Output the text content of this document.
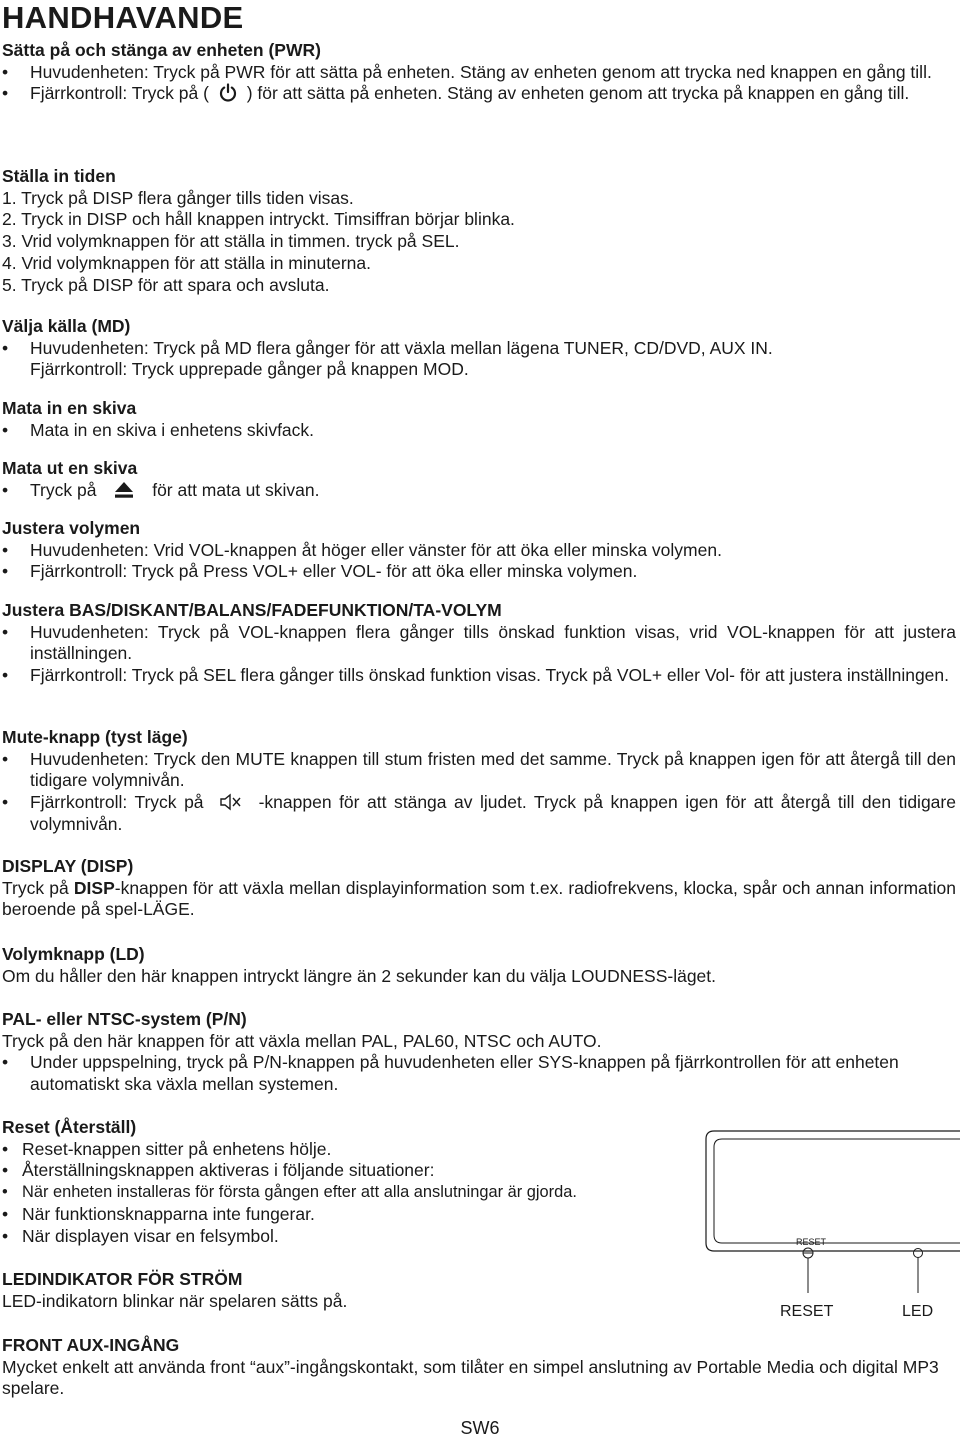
HANDHAVANDE
Sätta på och stänga av enheten (PWR)
• Huvudenheten: Tryck på PWR för att sätta på enheten. Stäng av enheten genom att trycka ned knappen en gång till.
• Fjärrkontroll: Tryck på ( ) för att sätta på enheten. Stäng av enheten genom att trycka på knappen en gång till.
Ställa in tiden
1. Tryck på DISP flera gånger tills tiden visas.
2. Tryck in DISP och håll knappen intryckt. Timsiffran börjar blinka.
3. Vrid volymknappen för att ställa in timmen. tryck på SEL.
4. Vrid volymknappen för att ställa in minuterna.
5. Tryck på DISP för att spara och avsluta.
Välja källa (MD)
• Huvudenheten: Tryck på MD flera gånger för att växla mellan lägena TUNER, CD/DVD, AUX IN.
Fjärrkontroll: Tryck upprepade gånger på knappen MOD.
Mata in en skiva
• Mata in en skiva i enhetens skivfack.
Mata ut en skiva
• Tryck på	för att mata ut skivan.
Justera volymen
• Huvudenheten: Vrid VOL-knappen åt höger eller vänster för att öka eller minska volymen.
• Fjärrkontroll: Tryck på Press VOL+ eller VOL- för att öka eller minska volymen.
Justera BAS/DISKANT/BALANS/FADEFUNKTION/TA-VOLYM
• Huvudenheten: Tryck på VOL-knappen flera gånger tills önskad funktion visas, vrid VOL-knappen för att justera inställningen.
• Fjärrkontroll: Tryck på SEL flera gånger tills önskad funktion visas. Tryck på VOL+ eller Vol- för att justera inställningen.
Mute-knapp (tyst läge)
• Huvudenheten: Tryck den MUTE knappen till stum fristen med det samme. Tryck på knappen igen för att återgå till den tidigare volymnivån.
• Fjärrkontroll: Tryck på	-knappen för att stänga av ljudet. Tryck på knappen igen för att återgå till den tidigare volymnivån.
DISPLAY (DISP)
Tryck på DISP-knappen för att växla mellan displayinformation som t.ex. radiofrekvens, klocka, spår och annan information beroende på spel-LÄGE.
Volymknapp (LD)
Om du håller den här knappen intryckt längre än 2 sekunder kan du välja LOUDNESS-läget.
PAL- eller NTSC-system (P/N)
Tryck på den här knappen för att växla mellan PAL, PAL60, NTSC och AUTO.
• Under uppspelning, tryck på P/N-knappen på huvudenheten eller SYS-knappen på fjärrkontrollen för att enheten automatiskt ska växla mellan systemen.
Reset (Återställ)
• Reset-knappen sitter på enhetens hölje.
• Återställningsknappen aktiveras i följande situationer:
• När enheten installeras för första gången efter att alla anslutningar är gjorda.
• När funktionsknapparna inte fungerar.
• När displayen visar en felsymbol.
LEDINDIKATOR FÖR STRÖM
LED-indikatorn blinkar när spelaren sätts på.
FRONT AUX-INGÅNG
Mycket enkelt att använda front “aux”-ingångskontakt, som tilåter en simpel anslutning av Portable Media och digital MP3 spelare.
RESET
RESET	LED
SW6
